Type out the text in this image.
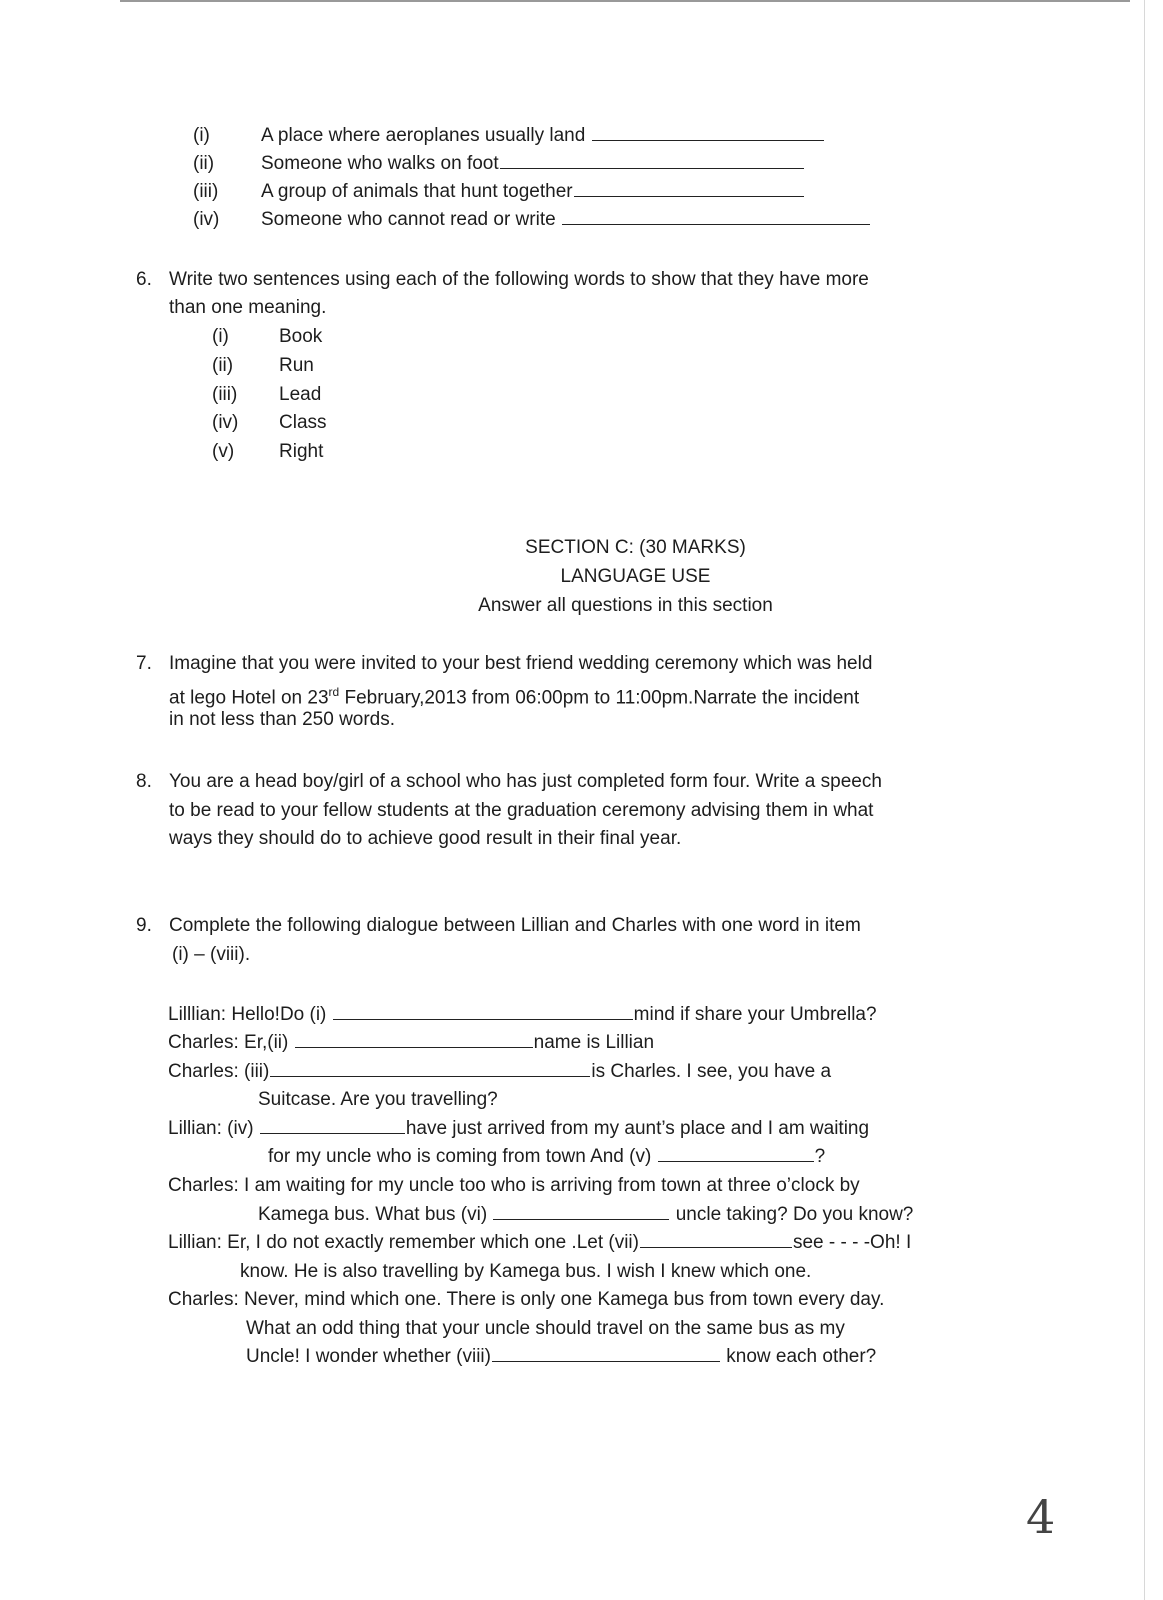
(i)	A place where aeroplanes usually land
(ii) Someone who walks on foot
(iii) A group of animals that hunt together
(iv) Someone who cannot read or write
6. Write two sentences using each of the following words to show that they have more
than one meaning.
(i)	Book
(ii) Run
(iii) Lead
(iv) Class
(v) Right
SECTION C: (30 MARKS)
LANGUAGE USE
Answer all questions in this section
7. Imagine that you were invited to your best friend wedding ceremony which was held
at lego Hotel on 23rd February,2013 from 06:00pm to 11:00pm.Narrate the incident
in not less than 250 words.
8. You are a head boy/girl of a school who has just completed form four. Write a speech
to be read to your fellow students at the graduation ceremony advising them in what
ways they should do to achieve good result in their final year.
9. Complete the following dialogue between Lillian and Charles with one word in item
(i) – (viii).
Lilllian: Hello!Do (i)	mind if share your Umbrella?
Charles: Er,(ii)	name is Lillian
Charles: (iii)	is Charles. I see, you have a
Suitcase. Are you travelling?
Lillian: (iv)	have just arrived from my aunt’s place and I am waiting
for my uncle who is coming from town And (v)	?
Charles: I am waiting for my uncle too who is arriving from town at three o’clock by
Kamega bus. What bus (vi)	uncle taking? Do you know?
Lillian: Er, I do not exactly remember which one .Let (vii)	see - - - -Oh! I
know. He is also travelling by Kamega bus. I wish I knew which one.
Charles: Never, mind which one. There is only one Kamega bus from town every day.
What an odd thing that your uncle should travel on the same bus as my
Uncle! I wonder whether (viii)	know each other?
4
